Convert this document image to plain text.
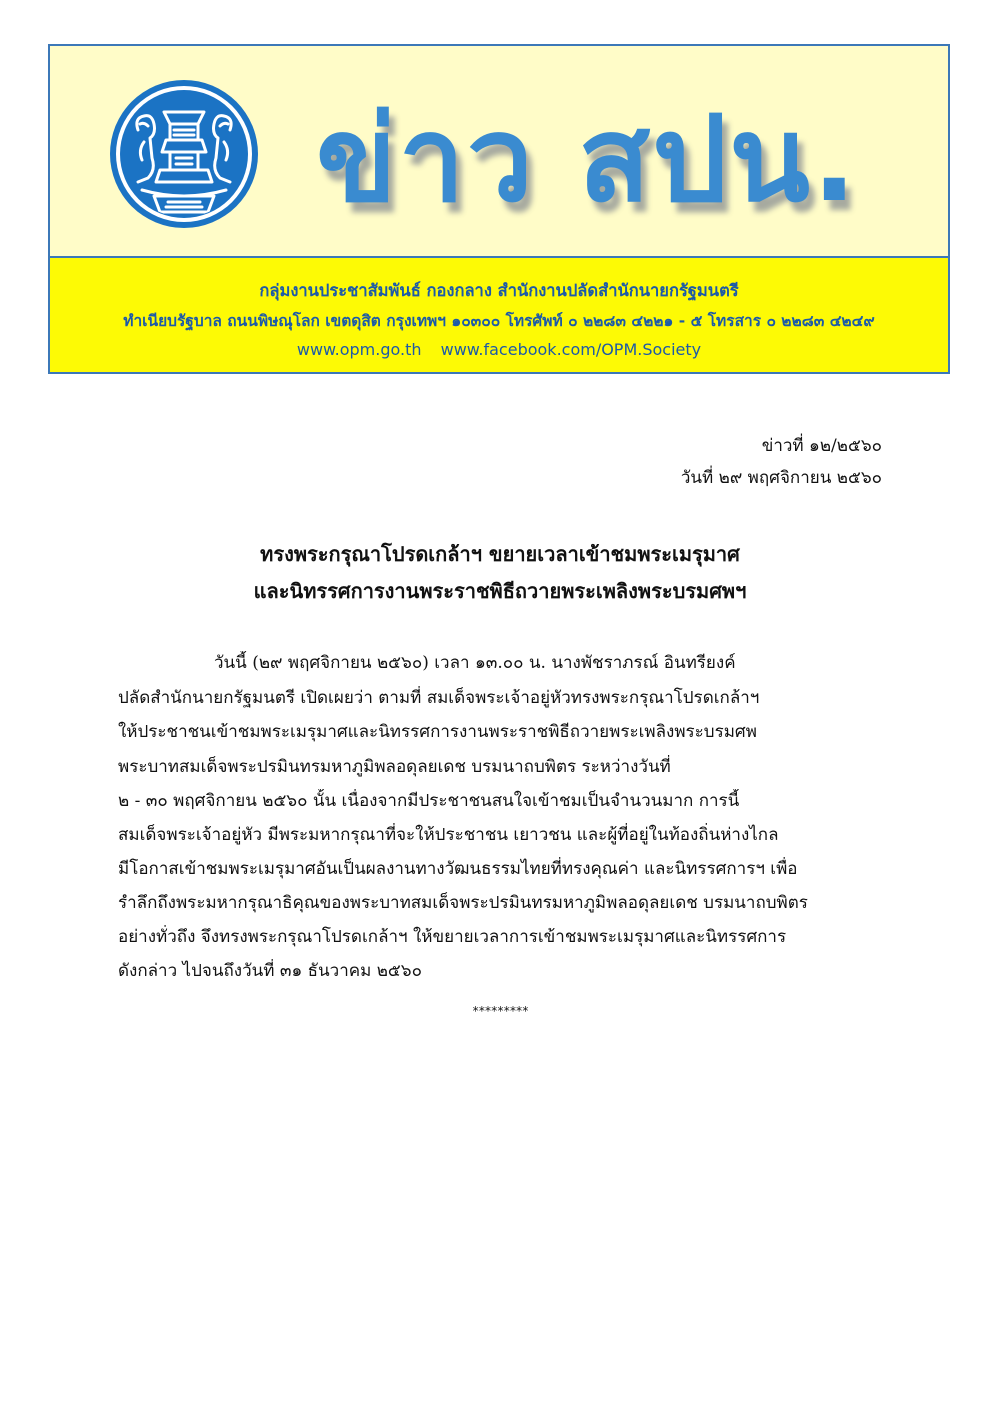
ข่าว สปน.
กลุ่มงานประชาสัมพันธ์ กองกลาง สำนักงานปลัดสำนักนายกรัฐมนตรี
ทำเนียบรัฐบาล ถนนพิษณุโลก เขตดุสิต กรุงเทพฯ ๑๐๓๐๐ โทรศัพท์ ๐ ๒๒๘๓ ๔๒๒๑ - ๕ โทรสาร ๐ ๒๒๘๓ ๔๒๔๙
www.opm.go.th www.facebook.com/OPM.Society
ข่าวที่ ๑๒/๒๕๖๐
วันที่ ๒๙ พฤศจิกายน ๒๕๖๐
ทรงพระกรุณาโปรดเกล้าฯ ขยายเวลาเข้าชมพระเมรุมาศ
และนิทรรศการงานพระราชพิธีถวายพระเพลิงพระบรมศพฯ
วันนี้ (๒๙ พฤศจิกายน ๒๕๖๐) เวลา ๑๓.๐๐ น. นางพัชราภรณ์ อินทรียงค์
ปลัดสำนักนายกรัฐมนตรี เปิดเผยว่า ตามที่ สมเด็จพระเจ้าอยู่หัวทรงพระกรุณาโปรดเกล้าฯ
ให้ประชาชนเข้าชมพระเมรุมาศและนิทรรศการงานพระราชพิธีถวายพระเพลิงพระบรมศพ
พระบาทสมเด็จพระปรมินทรมหาภูมิพลอดุลยเดช บรมนาถบพิตร ระหว่างวันที่
๒ - ๓๐ พฤศจิกายน ๒๕๖๐ นั้น เนื่องจากมีประชาชนสนใจเข้าชมเป็นจำนวนมาก การนี้
สมเด็จพระเจ้าอยู่หัว มีพระมหากรุณาที่จะให้ประชาชน เยาวชน และผู้ที่อยู่ในท้องถิ่นห่างไกล
มีโอกาสเข้าชมพระเมรุมาศอันเป็นผลงานทางวัฒนธรรมไทยที่ทรงคุณค่า และนิทรรศการฯ เพื่อ
รำลึกถึงพระมหากรุณาธิคุณของพระบาทสมเด็จพระปรมินทรมหาภูมิพลอดุลยเดช บรมนาถบพิตร
อย่างทั่วถึง จึงทรงพระกรุณาโปรดเกล้าฯ ให้ขยายเวลาการเข้าชมพระเมรุมาศและนิทรรศการ
ดังกล่าว ไปจนถึงวันที่ ๓๑ ธันวาคม ๒๕๖๐
*********
